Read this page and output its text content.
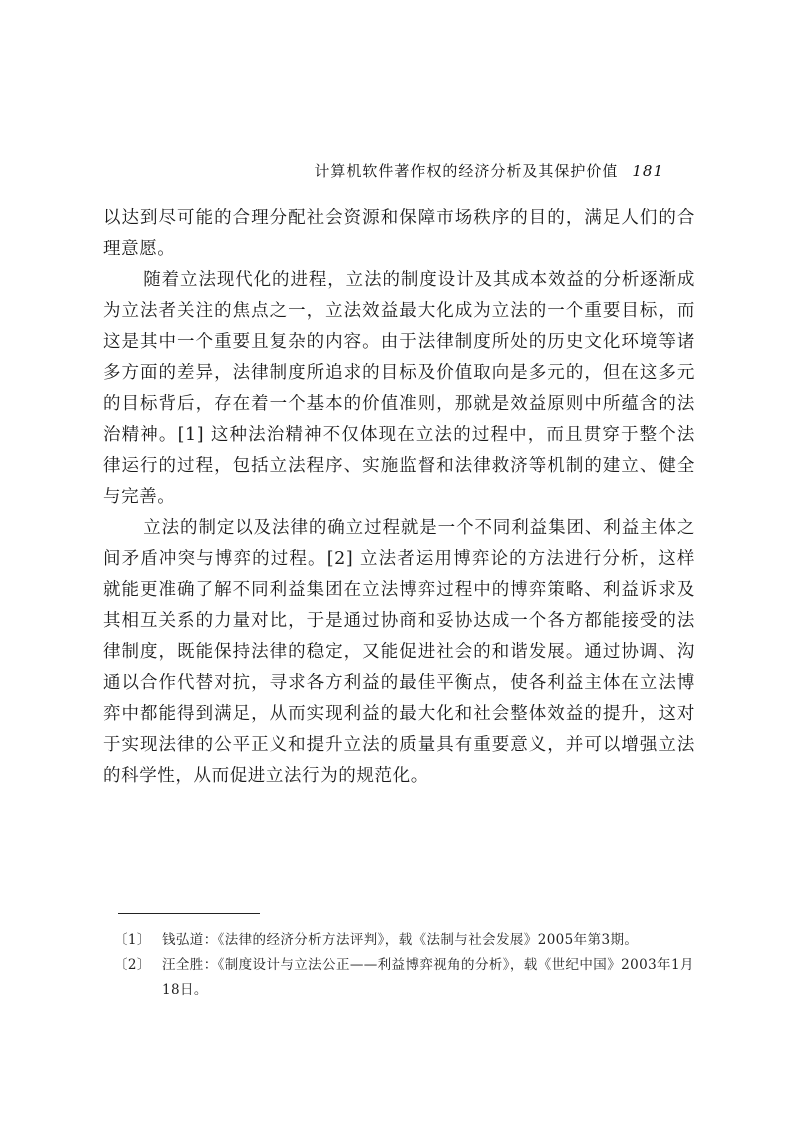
计算机软件著作权的经济分析及其保护价值 181

以达到尽可能的合理分配社会资源和保障市场秩序的目的，满足人们的合理意愿。

随着立法现代化的进程，立法的制度设计及其成本效益的分析逐渐成为立法者关注的焦点之一，立法效益最大化成为立法的一个重要目标，而这是其中一个重要且复杂的内容。由于法律制度所处的历史文化环境等诸多方面的差异，法律制度所追求的目标及价值取向是多元的，但在这多元的目标背后，存在着一个基本的价值准则，那就是效益原则中所蕴含的法治精神。[1] 这种法治精神不仅体现在立法的过程中，而且贯穿于整个法律运行的过程，包括立法程序、实施监督和法律救济等机制的建立、健全与完善。

立法的制定以及法律的确立过程就是一个不同利益集团、利益主体之间矛盾冲突与博弈的过程。[2] 立法者运用博弈论的方法进行分析，这样就能更准确了解不同利益集团在立法博弈过程中的博弈策略、利益诉求及其相互关系的力量对比，于是通过协商和妥协达成一个各方都能接受的法律制度，既能保持法律的稳定，又能促进社会的和谐发展。通过协调、沟通以合作代替对抗，寻求各方利益的最佳平衡点，使各利益主体在立法博弈中都能得到满足，从而实现利益的最大化和社会整体效益的提升，这对于实现法律的公平正义和提升立法的质量具有重要意义，并可以增强立法的科学性，从而促进立法行为的规范化。

〔1〕 钱弘道：《法律的经济分析方法评判》，载《法制与社会发展》2005年第3期。

〔2〕 汪全胜：《制度设计与立法公正——利益博弈视角的分析》，载《世纪中国》2003年1月18日。
